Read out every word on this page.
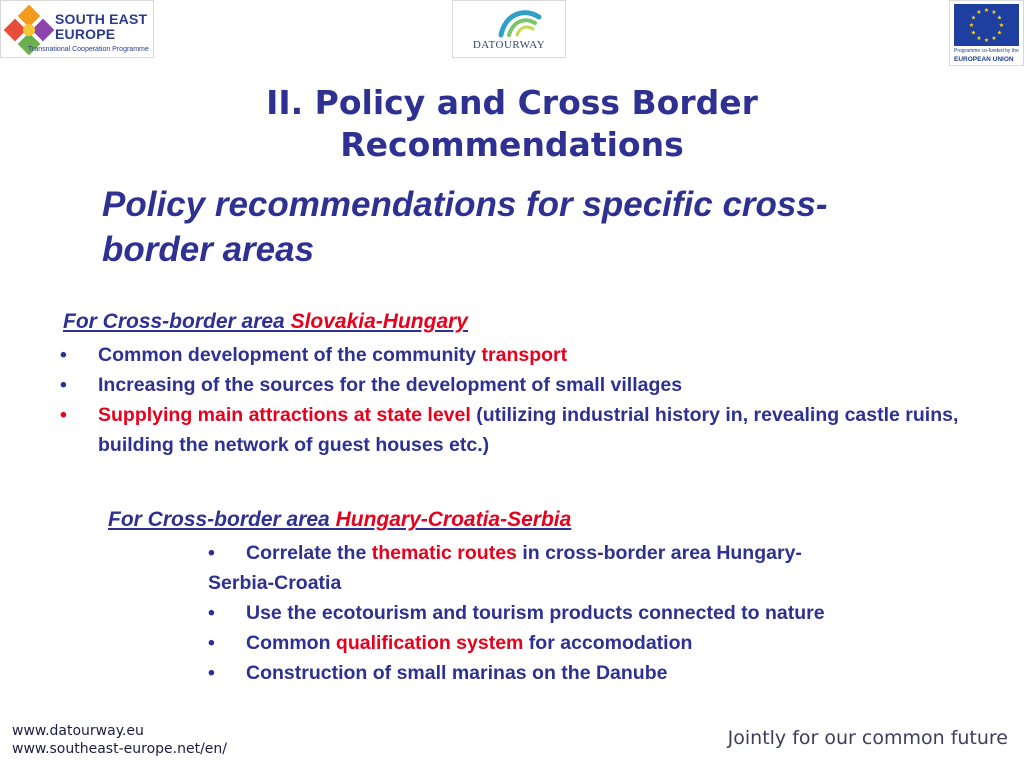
SOUTH EAST
EUROPE
Transnational Cooperation Programme	DATOURWAY
★ ★
★
★
★
★
★
★
★
★
★
★
Programme co-funded by the
EUROPEAN UNION
II. Policy and Cross Border
Recommendations
Policy recommendations for specific cross-
border areas

For Cross-border area Slovakia-Hungary

• Common development of the community transport
• Increasing of the sources for the development of small villages
• Supplying main attractions at state level (utilizing industrial history in, revealing castle ruins, building the network of guest houses etc.)

For Cross-border area Hungary-Croatia-Serbia

• Correlate the thematic routes in cross-border area Hungary-
Serbia-Croatia
• Use the ecotourism and tourism products connected to nature
• Common qualification system for accomodation
• Construction of small marinas on the Danube
www.datourway.eu
www.southeast-europe.net/en/	Jointly for our common future
